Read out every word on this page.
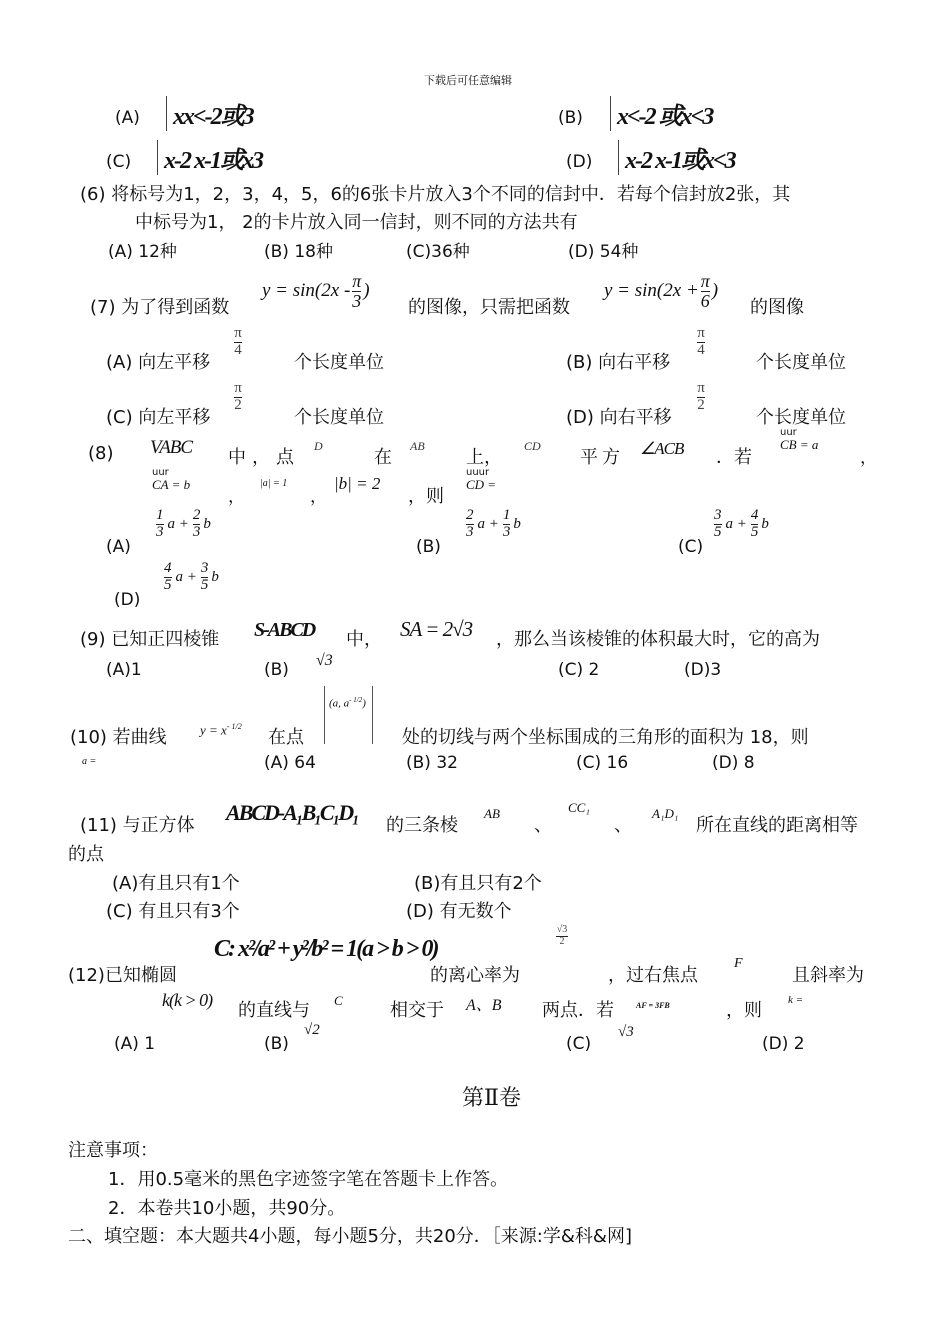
下载后可任意编辑
(A) xx<-2或3	(B) x<-2 或x<3
(C) x-2 x-1或x3	(D) x-2 x-1或x<3
(6) 将标号为1，2，3，4，5，6的6张卡片放入3个不同的信封中．若每个信封放2张，其
中标号为1， 2的卡片放入同一信封，则不同的方法共有
(A) 12种	(B) 18种	(C)36种	(D) 54种
(7) 为了得到函数
$y = \sin(2x - \frac{\pi}{3}$ )
的图像，只需把函数
$y = \sin(2x + \frac{\pi}{6}$ )
的图像
(A) 向左平移
π
4
个长度单位	(B) 向右平移
π
4
个长度单位
(C) 向左平移
π
2
个长度单位	(D) 向右平移
π
2
个长度单位
(8) VABC 中，点
D
在
AB
上，
CD
平方 ∠ACB ．若
uur
CB = a
，
uur
CA = b
，
|a| = 1
，
|b| = 2
，则
uuur
CD =
(A)
$\frac{1}{3}$ $a + \frac{2}{3}$ b
(B)
$\frac{2}{3}$ $a + \frac{1}{3}$ b
(C)
$\frac{3}{5}$ $a + \frac{4}{5}$ b
(D)
$\frac{4}{5}$ $a + \frac{3}{5}$ b
(9) 已知正四棱锥 S-ABCD 中， SA = 2√3 ，那么当该棱锥的体积最大时，它的高为
(A)1	(B) √3	(C) 2	(D)3
(10) 若曲线	$y = x^{- 1/2}$
在点
(a, $a^{- 1/2}$)
处的切线与两个坐标围成的三角形的面积为 18，则
a =	(A) 64	(B) 32	(C) 16	(D) 8
(11) 与正方体
ABCD-A₁B₁C₁D₁
的三条棱
AB
、
CC₁
、
A₁D₁
所在直线的距离相等
的点
(A)有且只有1个	(B)有且只有2个
(C) 有且只有3个	(D) 有无数个
(12)已知椭圆
C: x²/a² + y²/b² = 1(a > b > 0)
的离心率为
√3
2
，过右焦点
F
且斜率为
k(k > 0) 的直线与 C	相交于 A、B 两点．若	AF = 3FB	，则 k =
(A) 1	(B)
√2
(C)
√3
(D) 2
第Ⅱ卷
注意事项：
1．用0.5毫米的黑色字迹签字笔在答题卡上作答。
2．本卷共10小题，共90分。
二、填空题：本大题共4小题，每小题5分，共20分．［来源:学&科&网]
